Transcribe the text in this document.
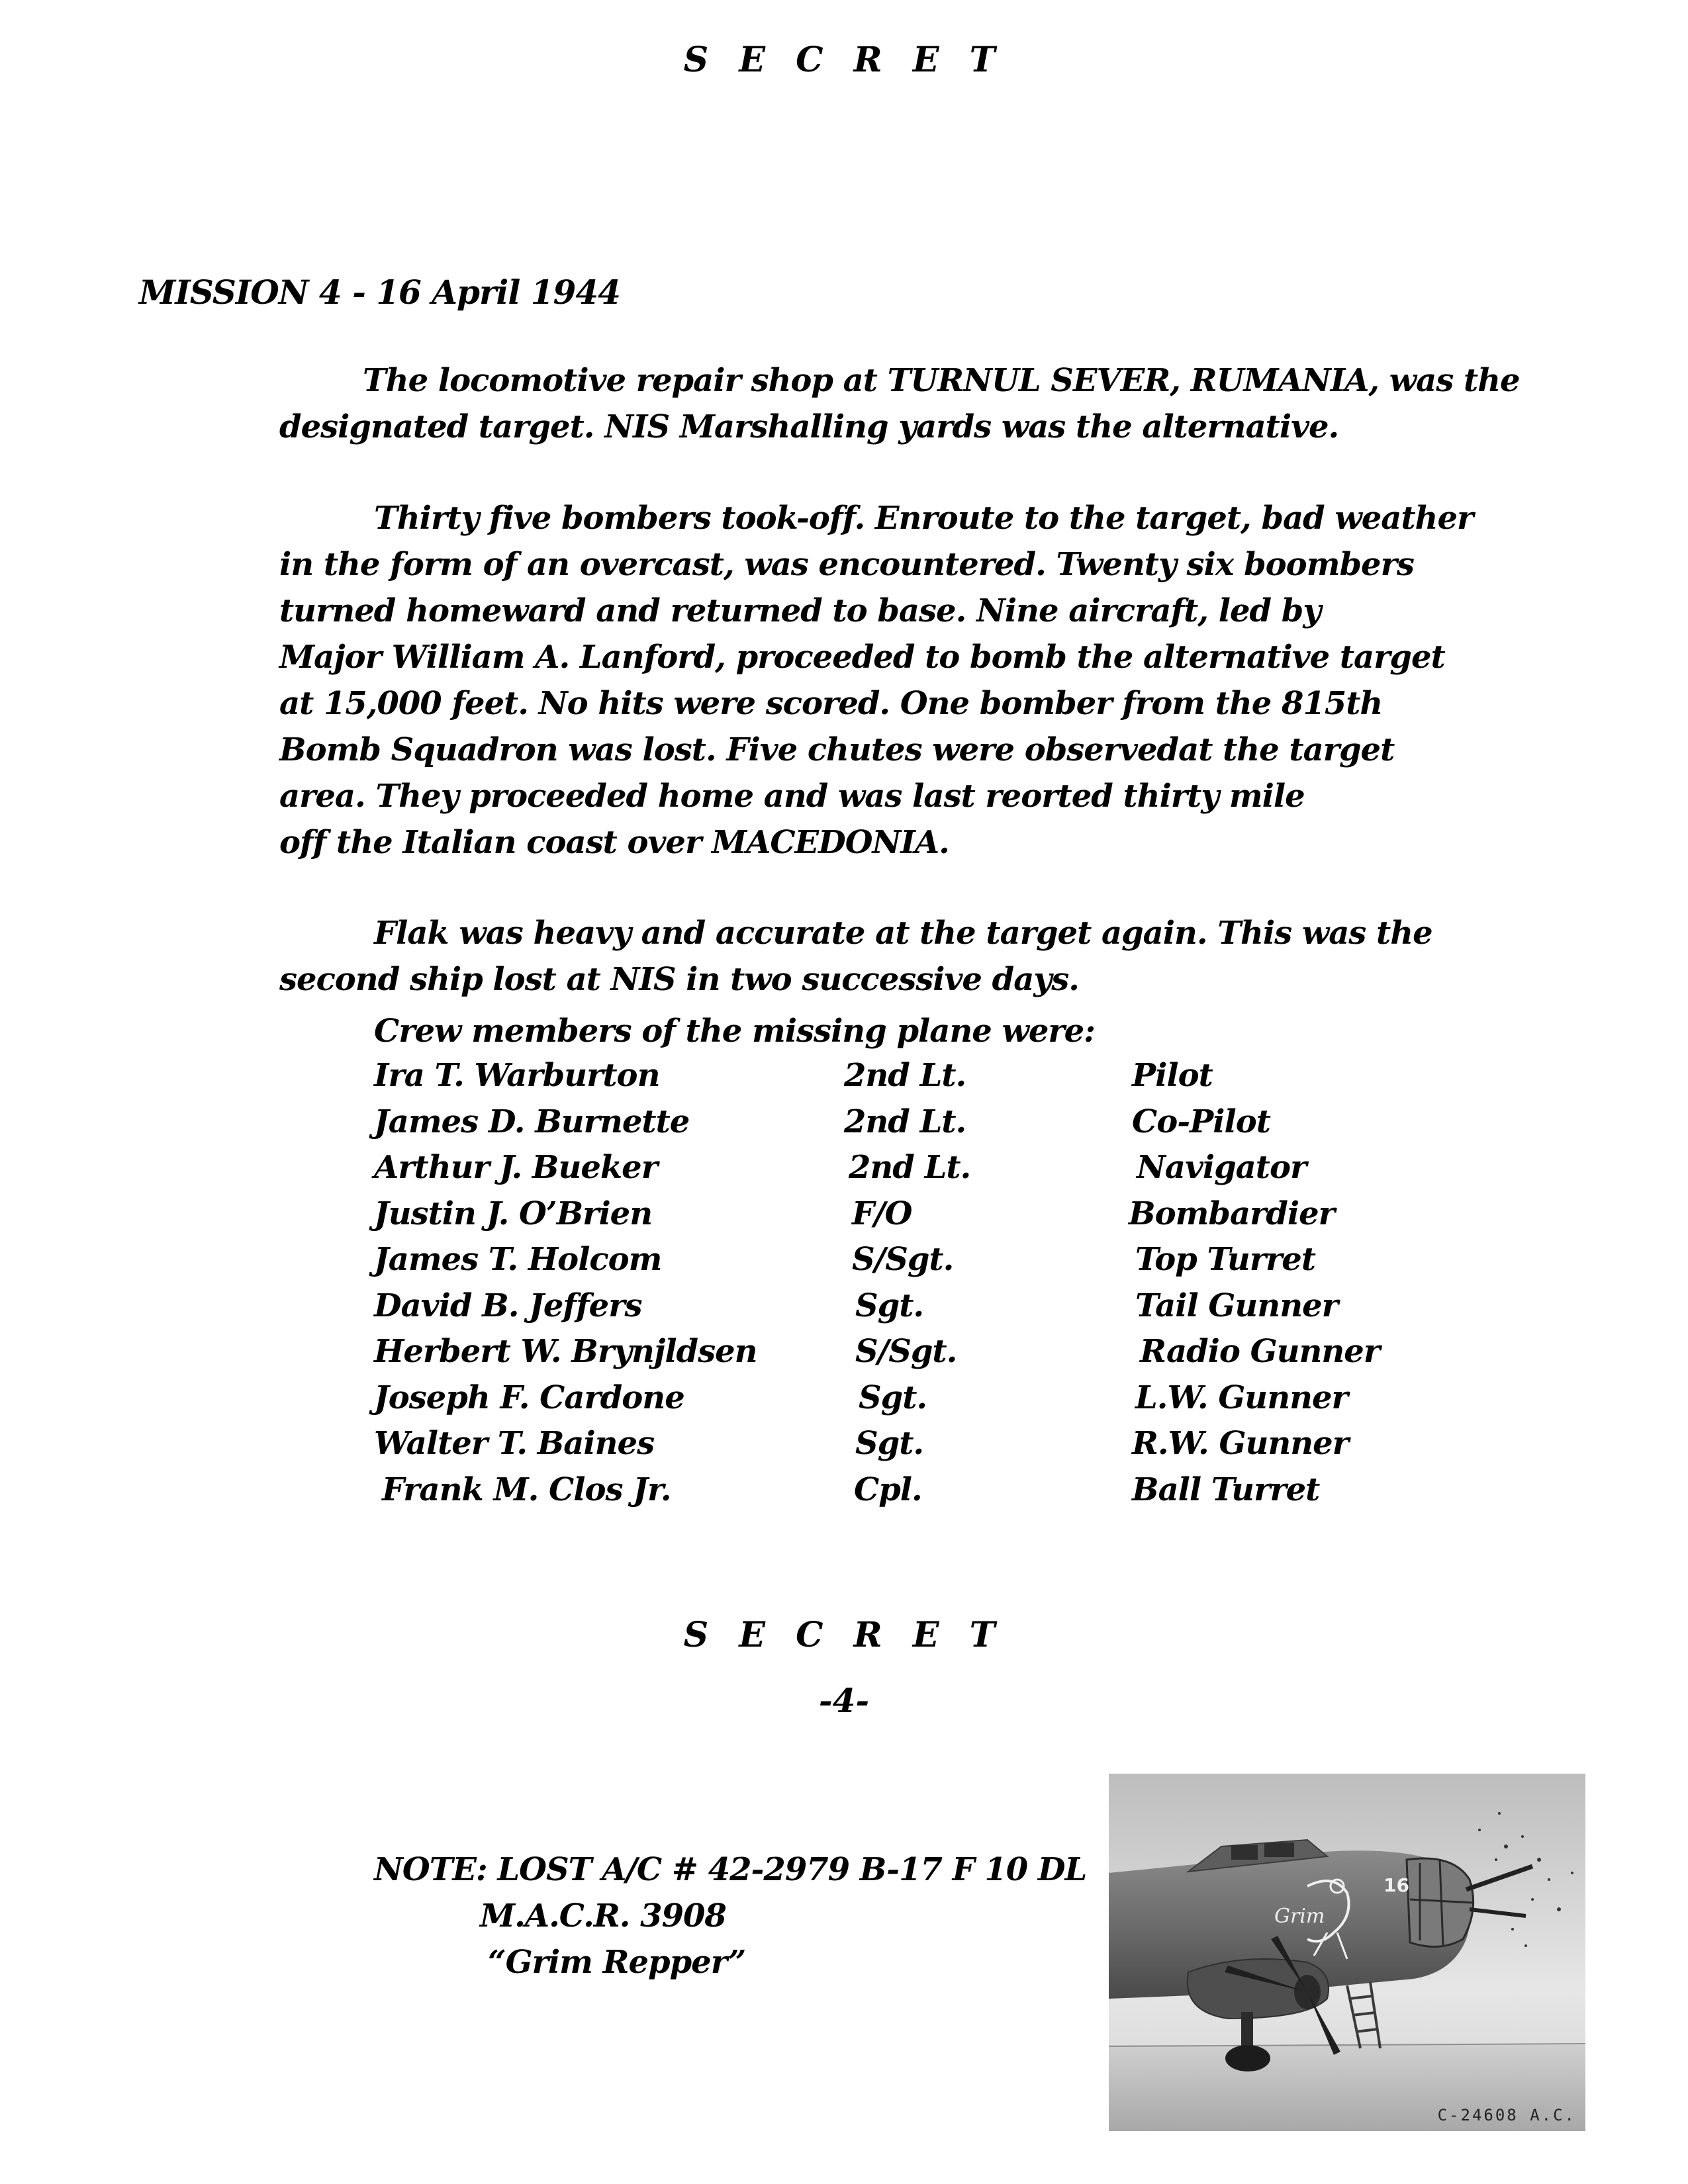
S E C R E T
MISSION 4 - 16 April 1944
The locomotive repair shop at TURNUL SEVER, RUMANIA, was the
designated target. NIS Marshalling yards was the alternative.
Thirty five bombers took-off. Enroute to the target, bad weather
in the form of an overcast, was encountered. Twenty six boombers
turned homeward and returned to base. Nine aircraft, led by
Major William A. Lanford, proceeded to bomb the alternative target
at 15,000 feet. No hits were scored. One bomber from the 815th
Bomb Squadron was lost. Five chutes were observedat the target
area. They proceeded home and was last reorted thirty mile
off the Italian coast over MACEDONIA.
Flak was heavy and accurate at the target again. This was the
second ship lost at NIS in two successive days.
Crew members of the missing plane were:
Ira T. Warburton	2nd Lt.	Pilot
James D. Burnette	2nd Lt.	Co-Pilot
Arthur J. Bueker	2nd Lt.	Navigator
Justin J. O’Brien	F/O	Bombardier
James T. Holcom	S/Sgt.	Top Turret
David B. Jeffers	Sgt.	Tail Gunner
Herbert W. Brynjldsen	S/Sgt.	Radio Gunner
Joseph F. Cardone	Sgt.	L.W. Gunner
Walter T. Baines	Sgt.	R.W. Gunner
Frank M. Clos Jr.	Cpl.	Ball Turret
S E C R E T
-4-
NOTE: LOST A/C # 42-2979 B-17 F 10 DL
M.A.C.R. 3908
“Grim Repper”
16
Grim
C-24608 A.C.
